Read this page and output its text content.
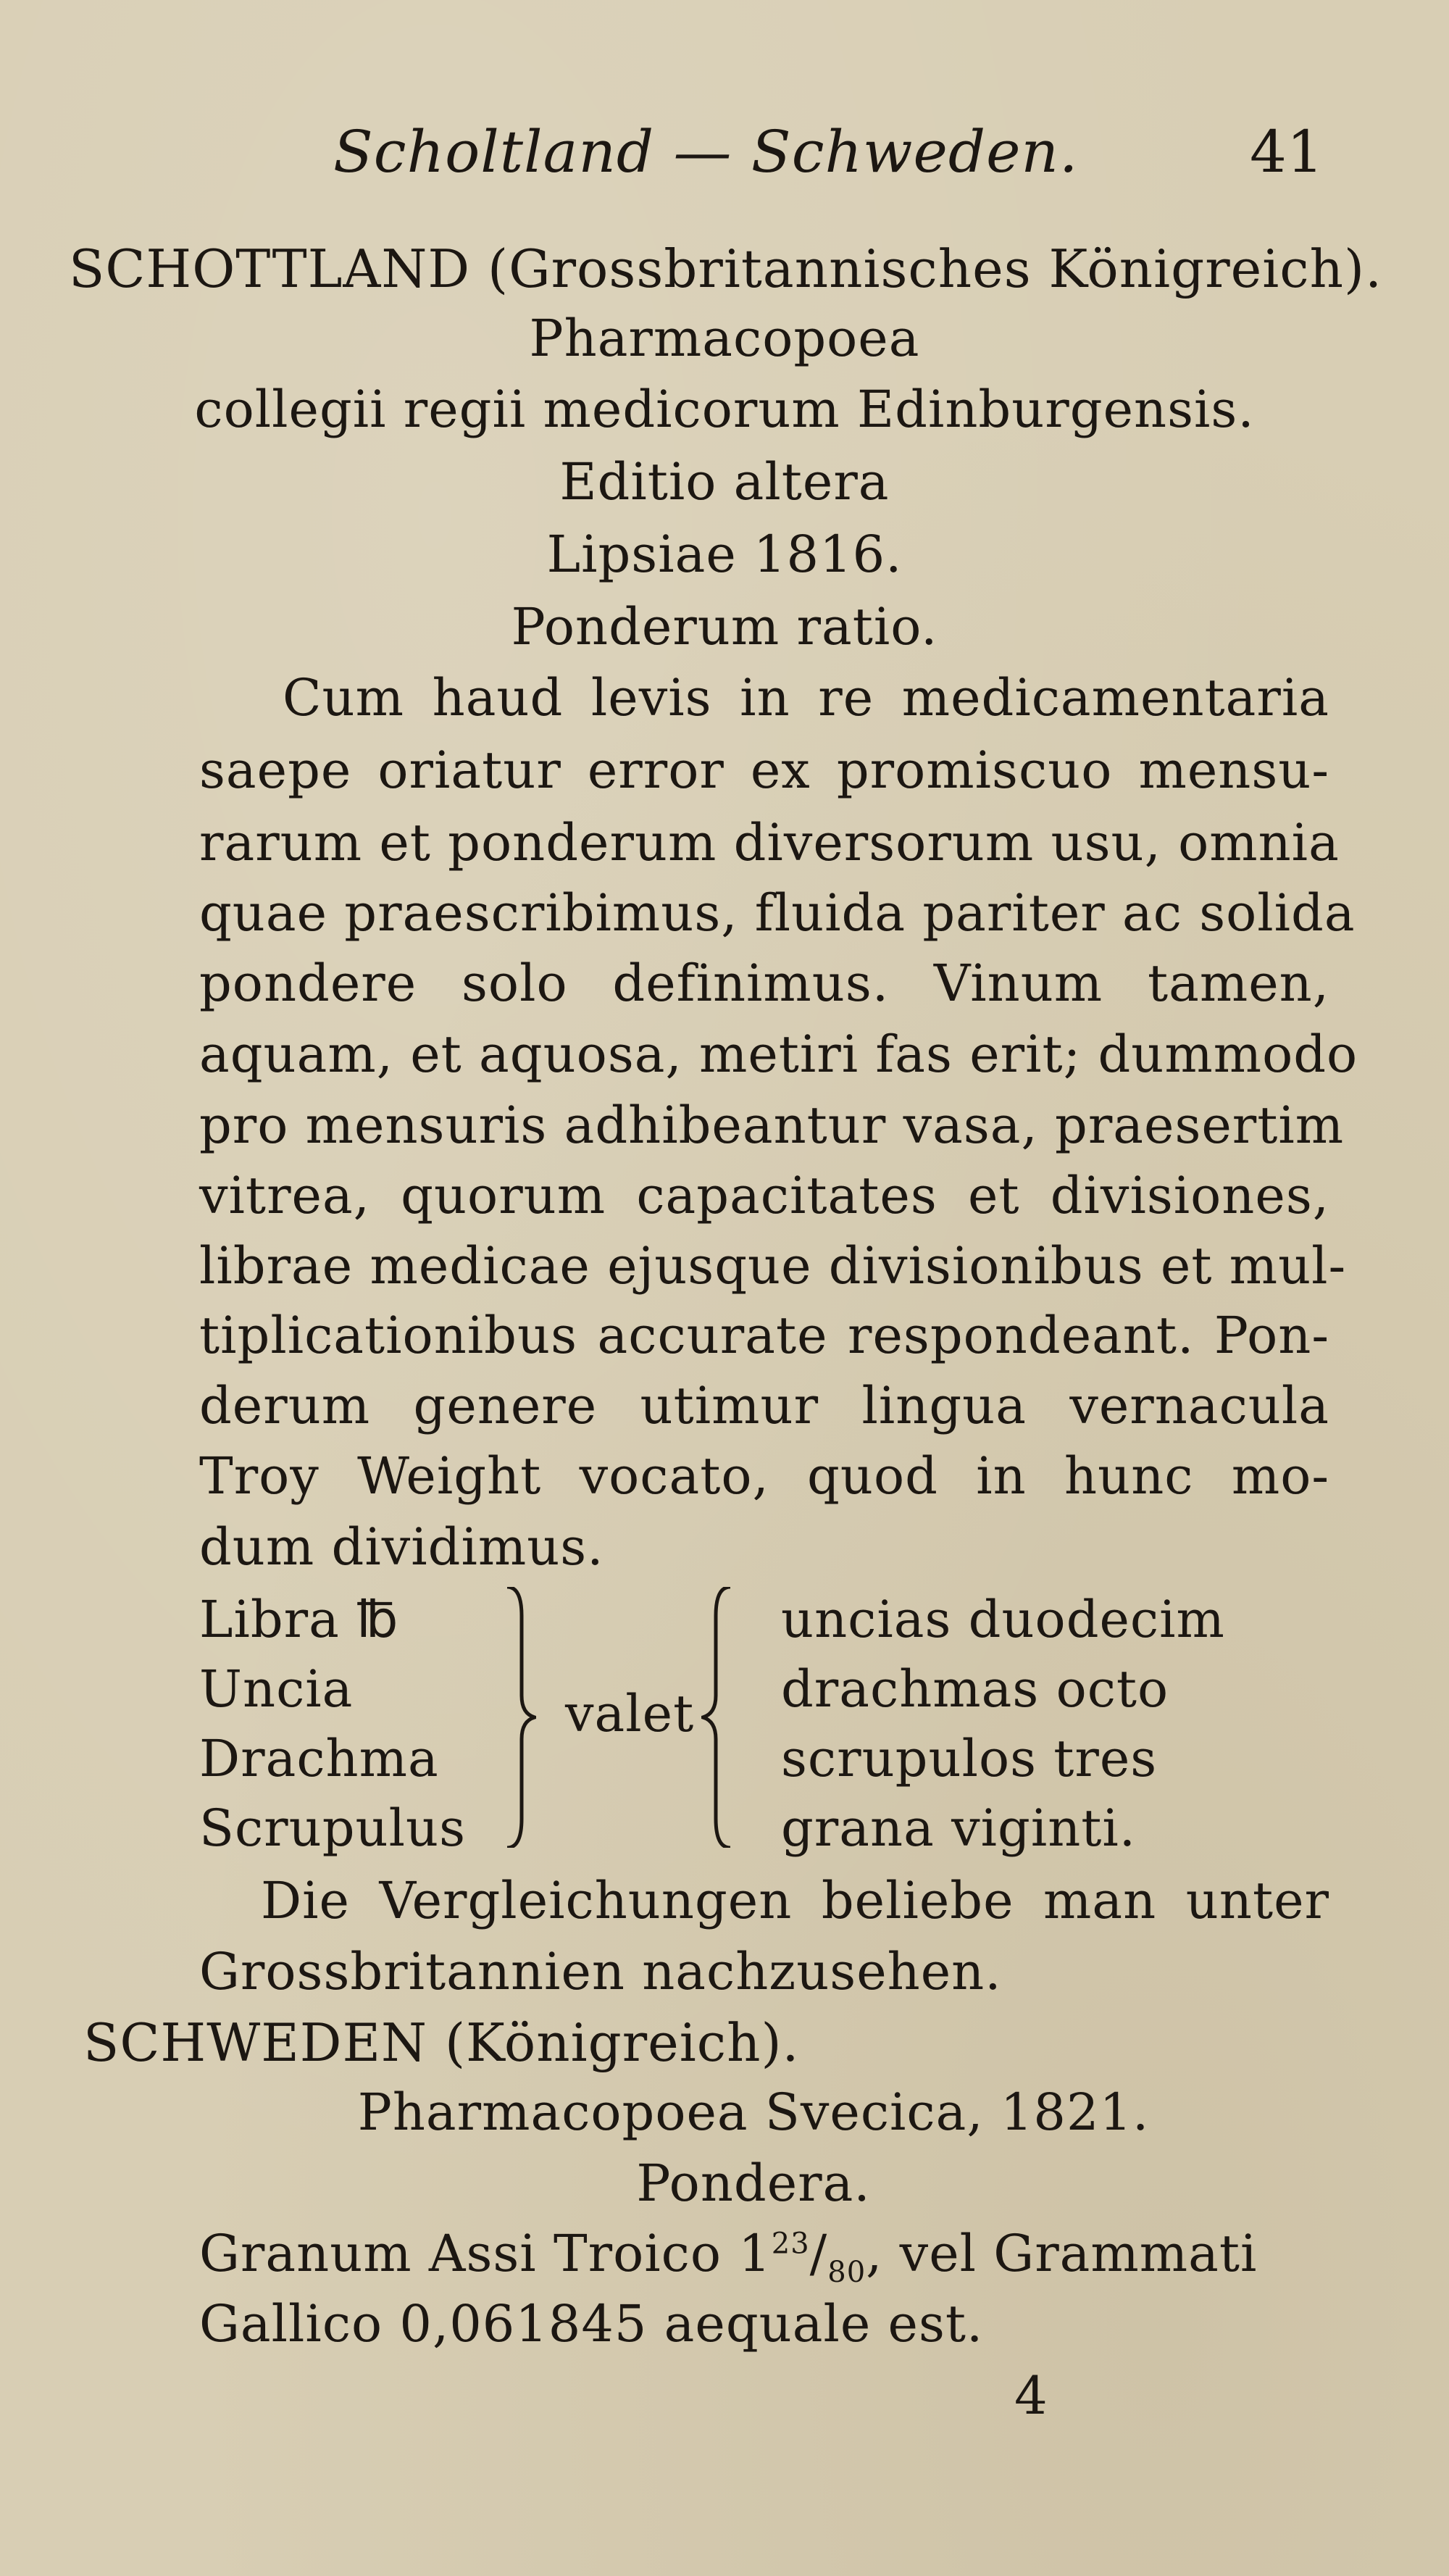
Scholtland — Schweden.	41
SCHOTTLAND (Grossbritannisches Königreich).
Pharmacopoea
collegii regii medicorum Edinburgensis.
Editio altera
Lipsiae 1816.
Ponderum ratio.
Cum haud levis in re medicamentaria
saepe oriatur error ex promiscuo mensu-
rarum et ponderum diversorum usu, omnia
quae praescribimus, fluida pariter ac solida
pondere solo definimus. Vinum tamen,
aquam, et aquosa, metiri fas erit; dummodo
pro mensuris adhibeantur vasa, praesertim
vitrea, quorum capacitates et divisiones,
librae medicae ejusque divisionibus et mul-
tiplicationibus accurate respondeant. Pon-
derum genere utimur lingua vernacula
Troy Weight vocato, quod in hunc mo-
dum dividimus.
Libra ℔
Uncia
Drachma
Scrupulus
valet
uncias duodecim
drachmas octo
scrupulos tres
grana viginti.
Die Vergleichungen beliebe man unter
Grossbritannien nachzusehen.
SCHWEDEN (Königreich).
Pharmacopoea Svecica, 1821.
Pondera.
Granum Assi Troico $1^{23}/_{80}$, vel Grammati
Gallico 0,061845 aequale est.
4
